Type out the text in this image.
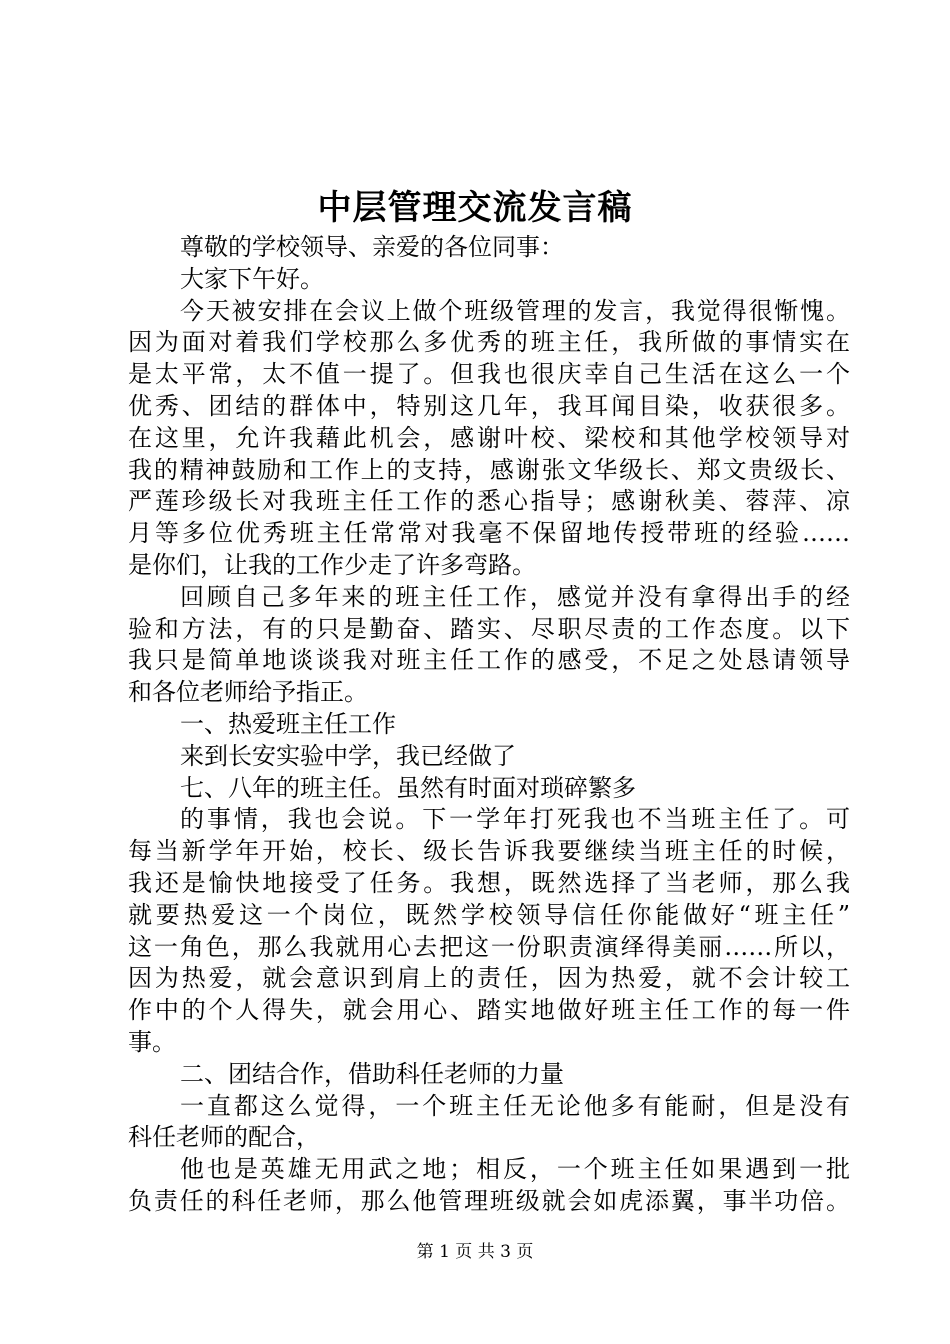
中层管理交流发言稿
尊敬的学校领导、亲爱的各位同事：
大家下午好。
今天被安排在会议上做个班级管理的发言，我觉得很惭愧。
因为面对着我们学校那么多优秀的班主任，我所做的事情实在
是太平常，太不值一提了。但我也很庆幸自己生活在这么一个
优秀、团结的群体中，特别这几年，我耳闻目染，收获很多。
在这里，允许我藉此机会，感谢叶校、梁校和其他学校领导对
我的精神鼓励和工作上的支持，感谢张文华级长、郑文贵级长、
严莲珍级长对我班主任工作的悉心指导；感谢秋美、蓉萍、凉
月等多位优秀班主任常常对我毫不保留地传授带班的经验……
是你们，让我的工作少走了许多弯路。
回顾自己多年来的班主任工作，感觉并没有拿得出手的经
验和方法，有的只是勤奋、踏实、尽职尽责的工作态度。以下
我只是简单地谈谈我对班主任工作的感受，不足之处恳请领导
和各位老师给予指正。
一、热爱班主任工作
来到长安实验中学，我已经做了
七、八年的班主任。虽然有时面对琐碎繁多
的事情，我也会说。下一学年打死我也不当班主任了。可
每当新学年开始，校长、级长告诉我要继续当班主任的时候，
我还是愉快地接受了任务。我想，既然选择了当老师，那么我
就要热爱这一个岗位，既然学校领导信任你能做好“班主任”
这一角色，那么我就用心去把这一份职责演绎得美丽……所以，
因为热爱，就会意识到肩上的责任，因为热爱，就不会计较工
作中的个人得失，就会用心、踏实地做好班主任工作的每一件
事。
二、团结合作，借助科任老师的力量
一直都这么觉得，一个班主任无论他多有能耐，但是没有
科任老师的配合，
他也是英雄无用武之地；相反，一个班主任如果遇到一批
负责任的科任老师，那么他管理班级就会如虎添翼，事半功倍。
第 1 页 共 3 页
